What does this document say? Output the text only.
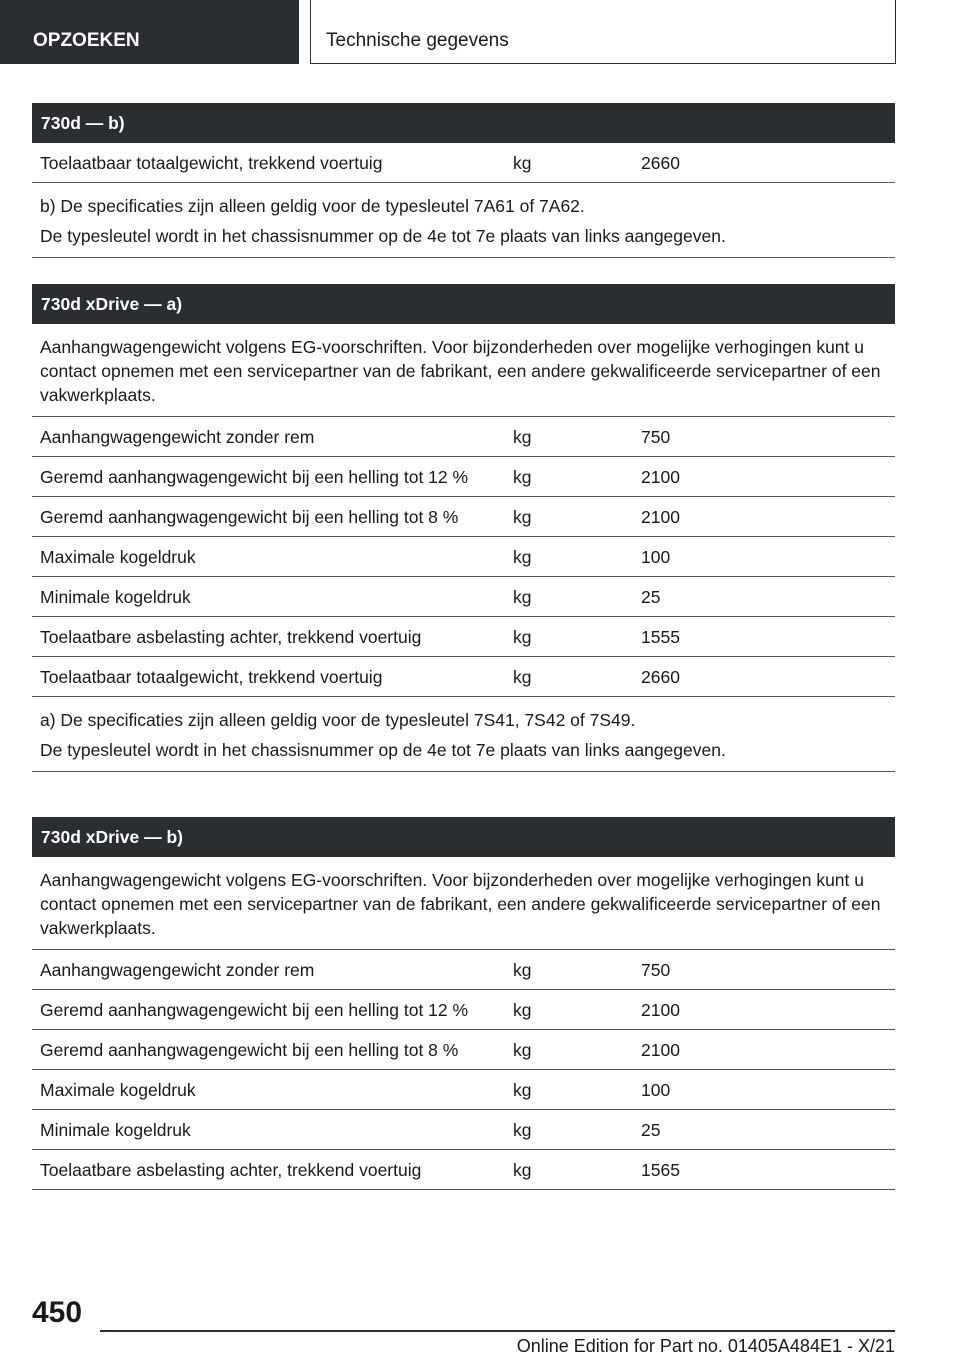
OPZOEKEN	Technische gegevens
730d — b)
Toelaatbaar totaalgewicht, trekkend voertuig	kg	2660
b) De specificaties zijn alleen geldig voor de typesleutel 7A61 of 7A62.
De typesleutel wordt in het chassisnummer op de 4e tot 7e plaats van links aangegeven.
730d xDrive — a)
Aanhangwagengewicht volgens EG-voorschriften. Voor bijzonderheden over mogelijke verhogingen kunt u contact opnemen met een servicepartner van de fabrikant, een andere gekwalificeerde servicepartner of een vakwerkplaats.
Aanhangwagengewicht zonder rem	kg	750
Geremd aanhangwagengewicht bij een helling tot 12 %	kg	2100
Geremd aanhangwagengewicht bij een helling tot 8 %	kg	2100
Maximale kogeldruk	kg	100
Minimale kogeldruk	kg	25
Toelaatbare asbelasting achter, trekkend voertuig	kg	1555
Toelaatbaar totaalgewicht, trekkend voertuig	kg	2660
a) De specificaties zijn alleen geldig voor de typesleutel 7S41, 7S42 of 7S49.
De typesleutel wordt in het chassisnummer op de 4e tot 7e plaats van links aangegeven.
730d xDrive — b)
Aanhangwagengewicht volgens EG-voorschriften. Voor bijzonderheden over mogelijke verhogingen kunt u contact opnemen met een servicepartner van de fabrikant, een andere gekwalificeerde servicepartner of een vakwerkplaats.
Aanhangwagengewicht zonder rem	kg	750
Geremd aanhangwagengewicht bij een helling tot 12 %	kg	2100
Geremd aanhangwagengewicht bij een helling tot 8 %	kg	2100
Maximale kogeldruk	kg	100
Minimale kogeldruk	kg	25
Toelaatbare asbelasting achter, trekkend voertuig	kg	1565
450
Online Edition for Part no. 01405A484E1 - X/21
